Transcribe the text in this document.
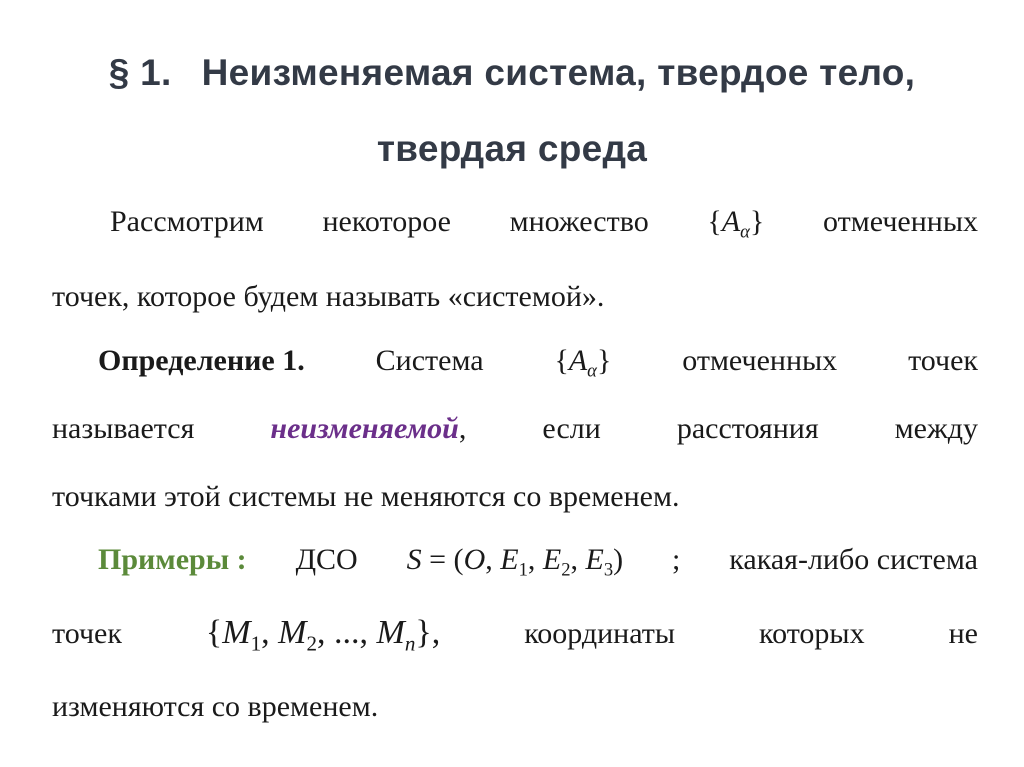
§ 1. Неизменяемая система, твердое тело,
твердая среда
Рассмотрим некоторое множество $\{A_\alpha\}$ отмеченных
точек, которое будем называть «системой».
Определение 1. Система $\{A_\alpha\}$ отмеченных точек
называется	неизменяемой,	если	расстояния	между
точками этой системы не меняются со временем.
Примеры : ДСО S = (O, $E_1$, $E_2$, $E_3$) ; какая-либо система
точек {$M_1$, $M_2$, ..., $M_n$},	координаты	которых	не
изменяются со временем.
